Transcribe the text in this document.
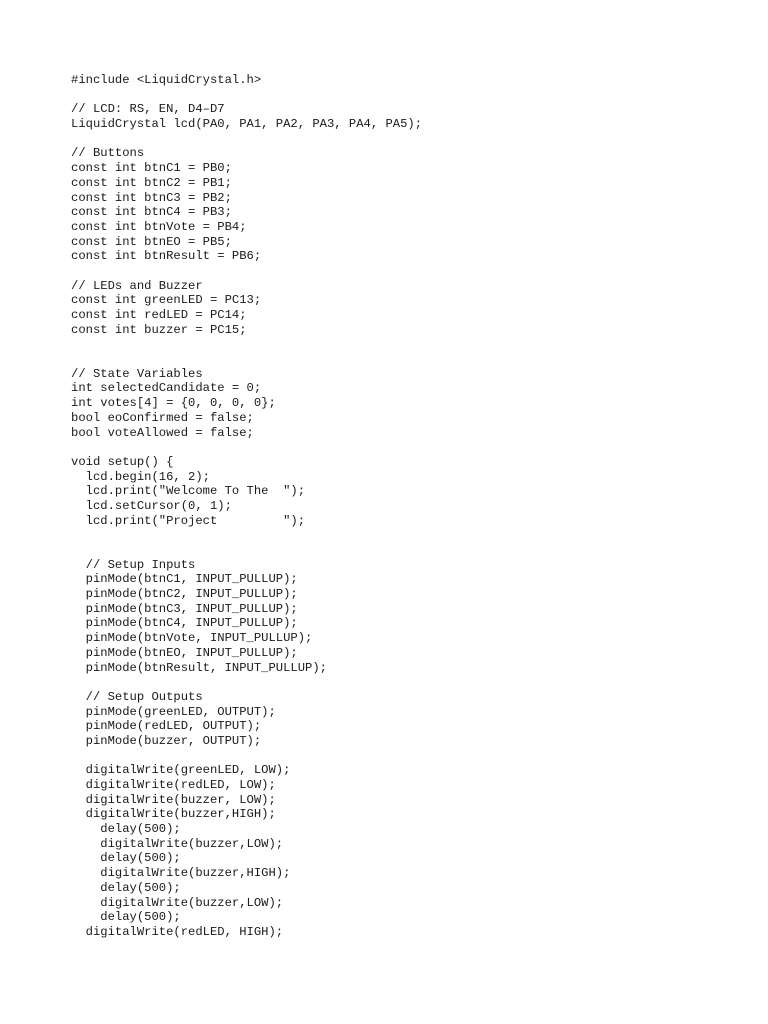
#include <LiquidCrystal.h>
// LCD: RS, EN, D4–D7
LiquidCrystal lcd(PA0, PA1, PA2, PA3, PA4, PA5);
// Buttons
const int btnC1 = PB0;
const int btnC2 = PB1;
const int btnC3 = PB2;
const int btnC4 = PB3;
const int btnVote = PB4;
const int btnEO = PB5;
const int btnResult = PB6;
// LEDs and Buzzer
const int greenLED = PC13;
const int redLED = PC14;
const int buzzer = PC15;
// State Variables
int selectedCandidate = 0;
int votes[4] = {0, 0, 0, 0};
bool eoConfirmed = false;
bool voteAllowed = false;
void setup() {
lcd.begin(16, 2);
lcd.print("Welcome To The  ");
lcd.setCursor(0, 1);
lcd.print("Project         ");
// Setup Inputs
pinMode(btnC1, INPUT_PULLUP);
pinMode(btnC2, INPUT_PULLUP);
pinMode(btnC3, INPUT_PULLUP);
pinMode(btnC4, INPUT_PULLUP);
pinMode(btnVote, INPUT_PULLUP);
pinMode(btnEO, INPUT_PULLUP);
pinMode(btnResult, INPUT_PULLUP);
// Setup Outputs
pinMode(greenLED, OUTPUT);
pinMode(redLED, OUTPUT);
pinMode(buzzer, OUTPUT);
digitalWrite(greenLED, LOW);
digitalWrite(redLED, LOW);
digitalWrite(buzzer, LOW);
digitalWrite(buzzer,HIGH);
delay(500);
digitalWrite(buzzer,LOW);
delay(500);
digitalWrite(buzzer,HIGH);
delay(500);
digitalWrite(buzzer,LOW);
delay(500);
digitalWrite(redLED, HIGH);
